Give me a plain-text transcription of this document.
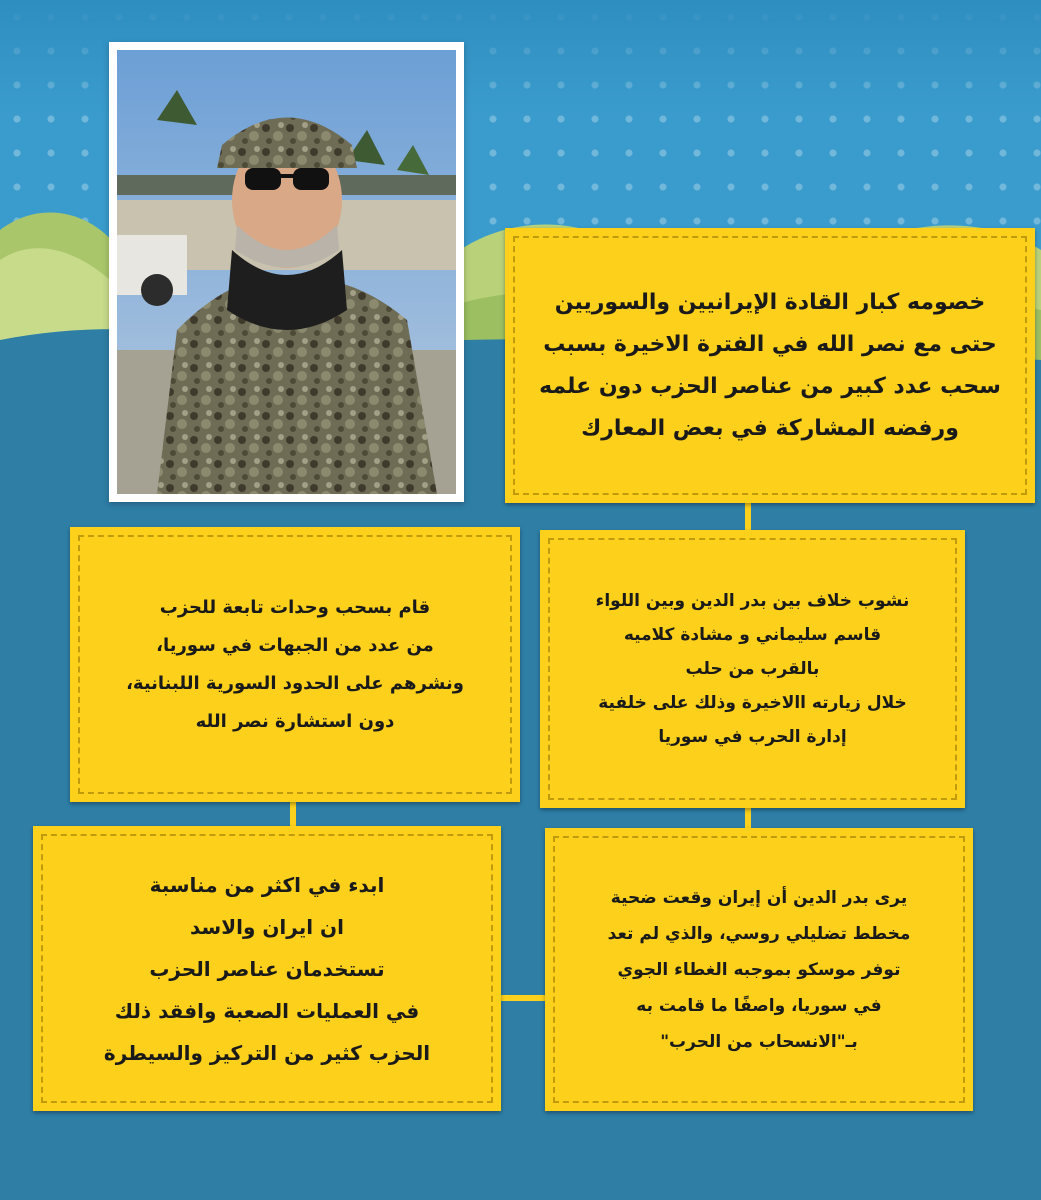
خصومه كبار القادة الإيرانيين والسوريين
حتى مع نصر الله في الفترة الاخيرة بسبب
سحب عدد كبير من عناصر الحزب دون علمه
ورفضه المشاركة في بعض المعارك
نشوب خلاف بين بدر الدين وبين اللواء
قاسم سليماني و مشادة كلاميه
بالقرب من حلب
خلال زيارته االاخيرة وذلك على خلفية
إدارة الحرب في سوريا
قام بسحب وحدات تابعة للحزب
من عدد من الجبهات في سوريا،
ونشرهم على الحدود السورية اللبنانية،
دون استشارة نصر الله
يرى بدر الدين أن إيران وقعت ضحية
مخطط تضليلي روسي، والذي لم تعد
توفر موسكو بموجبه الغطاء الجوي
في سوريا، واصفًا ما قامت به
بـ"الانسحاب من الحرب"
ابدء في اكثر من مناسبة
ان ايران والاسد
تستخدمان عناصر الحزب
في العمليات الصعبة وافقد ذلك
الحزب كثير من التركيز والسيطرة
